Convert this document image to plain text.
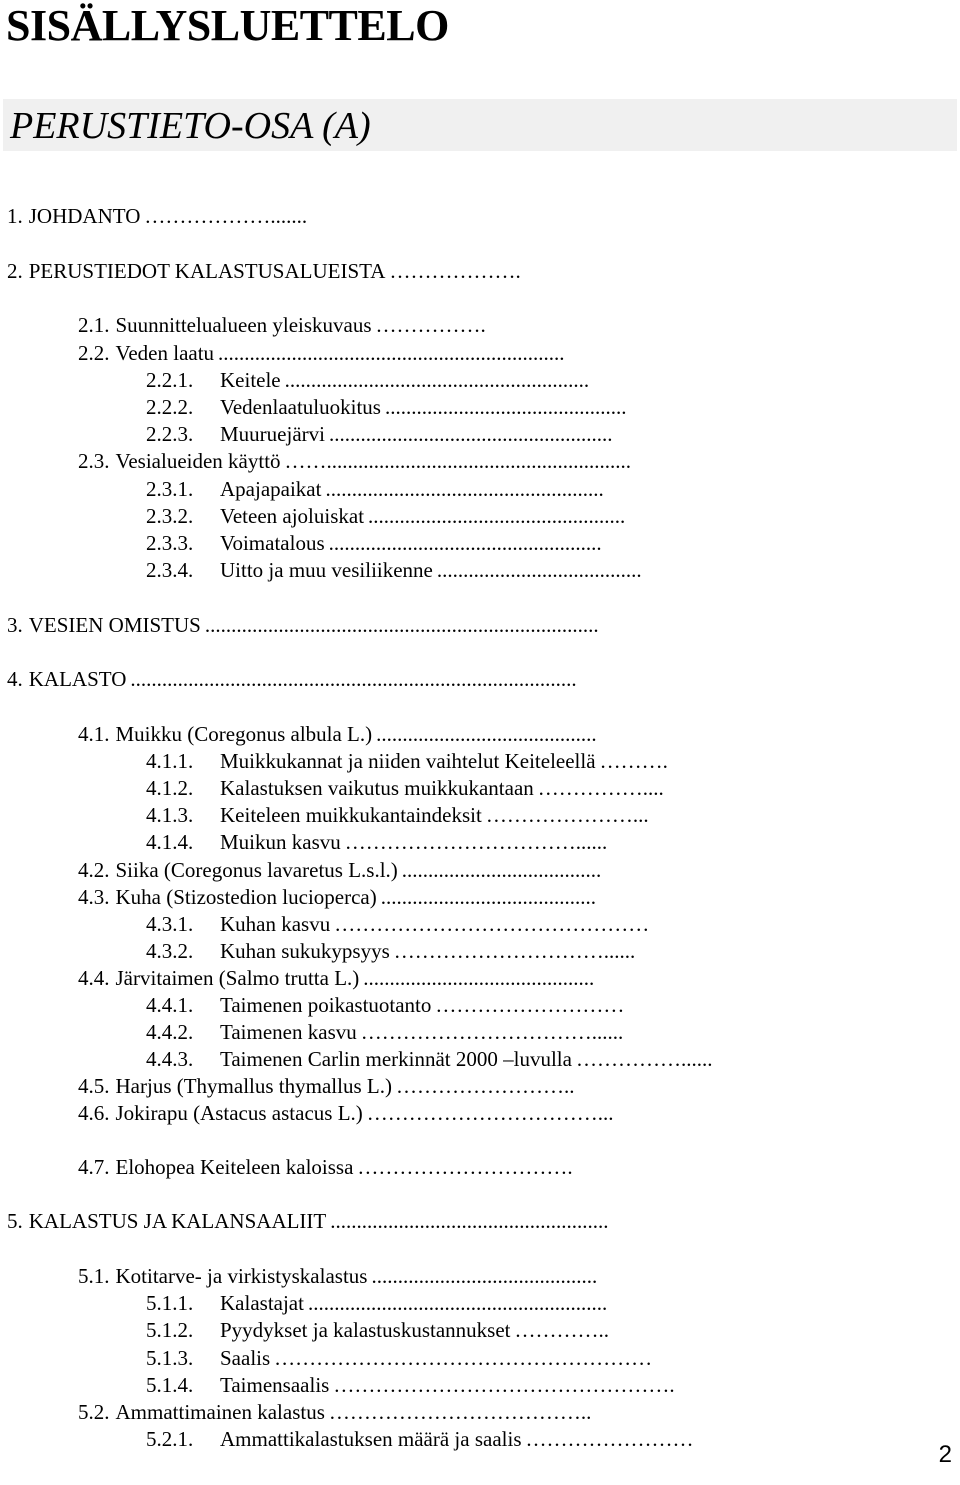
SISÄLLYSLUETTELO
PERUSTIETO-OSA (A)
1. JOHDANTO ……………….......
2. PERUSTIEDOT KALASTUSALUEISTA ……………….
2.1. Suunnittelualueen yleiskuvaus …………….
2.2. Veden laatu ..................................................................
2.2.1. Keitele ..........................................................
2.2.2. Vedenlaatuluokitus ..............................................
2.2.3. Muuruejärvi ......................................................
2.3. Vesialueiden käyttö ……..........................................................
2.3.1. Apajapaikat .....................................................
2.3.2. Veteen ajoluiskat .................................................
2.3.3. Voimatalous ....................................................
2.3.4. Uitto ja muu vesiliikenne .......................................
3. VESIEN OMISTUS ...........................................................................
4. KALASTO .....................................................................................
4.1. Muikku (Coregonus albula L.) ..........................................
4.1.1. Muikkukannat ja niiden vaihtelut Keiteleellä ……….
4.1.2. Kalastuksen vaikutus muikkukantaan ……………....
4.1.3. Keiteleen muikkukantaindeksit …………………...
4.1.4. Muikun kasvu ……………………………......
4.2. Siika (Coregonus lavaretus L.s.l.) ......................................
4.3. Kuha (Stizostedion lucioperca) .........................................
4.3.1. Kuhan kasvu ………………………………………
4.3.2. Kuhan sukukypsyys …………………………......
4.4. Järvitaimen (Salmo trutta L.) ............................................
4.4.1. Taimenen poikastuotanto ………………………
4.4.2. Taimenen kasvu ……………………………......
4.4.3. Taimenen Carlin merkinnät 2000 –luvulla ……………......
4.5. Harjus (Thymallus thymallus L.) ……………………..
4.6. Jokirapu (Astacus astacus L.) ……………………………...
4.7. Elohopea Keiteleen kaloissa ………………………….
5. KALASTUS JA KALANSAALIIT .....................................................
5.1. Kotitarve- ja virkistyskalastus ...........................................
5.1.1. Kalastajat .........................................................
5.1.2. Pyydykset ja kalastuskustannukset …………..
5.1.3. Saalis ………………………………………………
5.1.4. Taimensaalis ………………………………………….
5.2. Ammattimainen kalastus ………………………………..
5.2.1. Ammattikalastuksen määrä ja saalis ……………………
2
